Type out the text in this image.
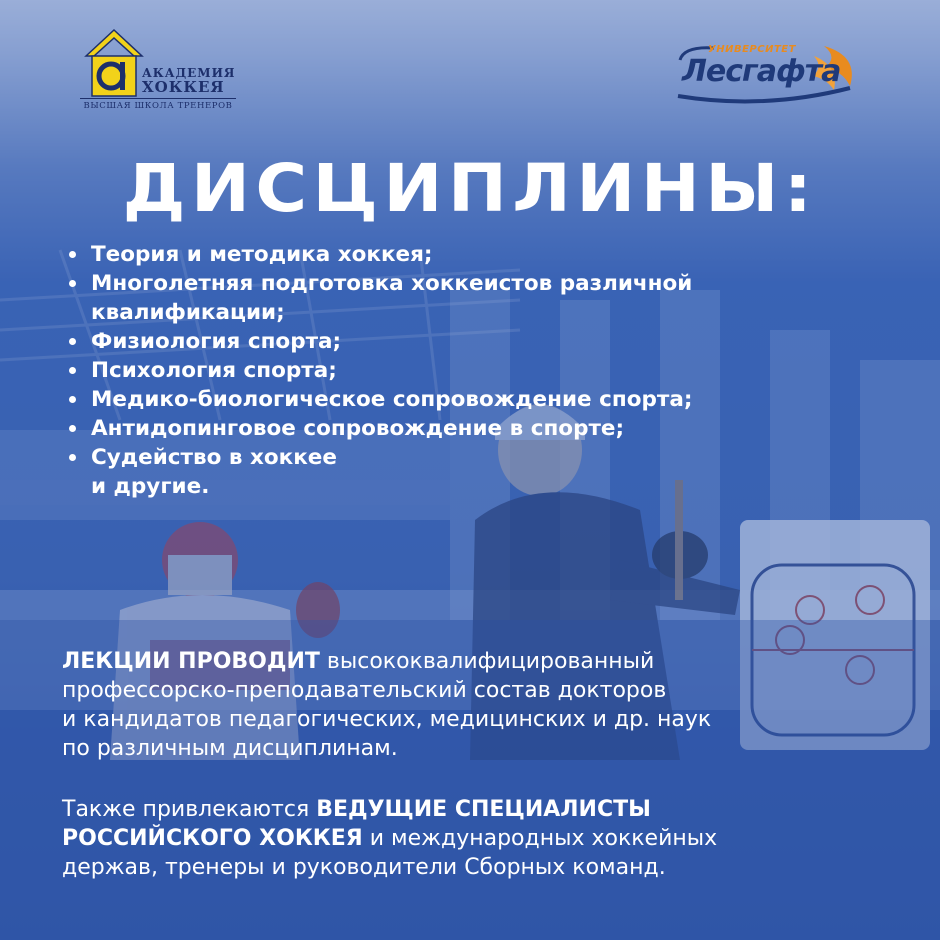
АКАДЕМИЯ
ХОККЕЯ
ВЫСШАЯ ШКОЛА ТРЕНЕРОВ
УНИВЕРСИТЕТ
Лесгафта
ДИСЦИПЛИНЫ:
Теория и методика хоккея;
Многолетняя подготовка хоккеистов различной
квалификации;
Физиология спорта;
Психология спорта;
Медико-биологическое сопровождение спорта;
Антидопинговое сопровождение в спорте;
Судейство в хоккее
и другие.
ЛЕКЦИИ ПРОВОДИТ высококвалифицированный
профессорско-преподавательский состав докторов
и кандидатов педагогических, медицинских и др. наук
по различным дисциплинам.
Также привлекаются ВЕДУЩИЕ СПЕЦИАЛИСТЫ
РОССИЙСКОГО ХОККЕЯ и международных хоккейных
держав, тренеры и руководители Сборных команд.
